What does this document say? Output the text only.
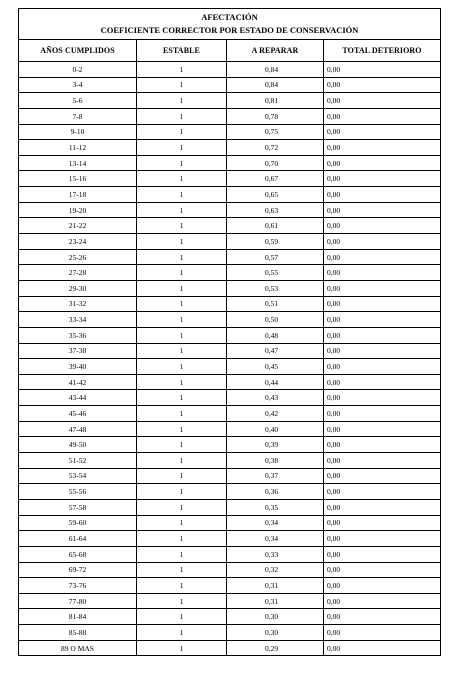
AFECTACIÓN
COEFICIENTE CORRECTOR POR ESTADO DE CONSERVACIÓN			

AÑOS CUMPLIDOS	ESTABLE	A REPARAR	TOTAL DETERIORO
0-2	1	0,84	0,00
3-4	1	0,84	0,00
5-6	1	0,81	0,00
7-8	1	0,78	0,00
9-10	1	0,75	0,00
11-12	1	0,72	0,00
13-14	1	0,70	0,00
15-16	1	0,67	0,00
17-18	1	0,65	0,00
19-20	1	0,63	0,00
21-22	1	0,61	0,00
23-24	1	0,59	0,00
25-26	1	0,57	0,00
27-28	1	0,55	0,00
29-30	1	0,53	0,00
31-32	1	0,51	0,00
33-34	1	0,50	0,00
35-36	1	0,48	0,00
37-38	1	0,47	0,00
39-40	1	0,45	0,00
41-42	1	0,44	0,00
43-44	1	0,43	0,00
45-46	1	0,42	0,00
47-48	1	0,40	0,00
49-50	1	0,39	0,00
51-52	1	0,38	0,00
53-54	1	0,37	0,00
55-56	1	0,36	0,00
57-58	1	0,35	0,00
59-60	1	0,34	0,00
61-64	1	0,34	0,00
65-68	1	0,33	0,00
69-72	1	0,32	0,00
73-76	1	0,31	0,00
77-80	1	0,31	0,00
81-84	1	0,30	0,00
85-88	1	0,30	0,00
89 O MAS	1	0,29	0,00
